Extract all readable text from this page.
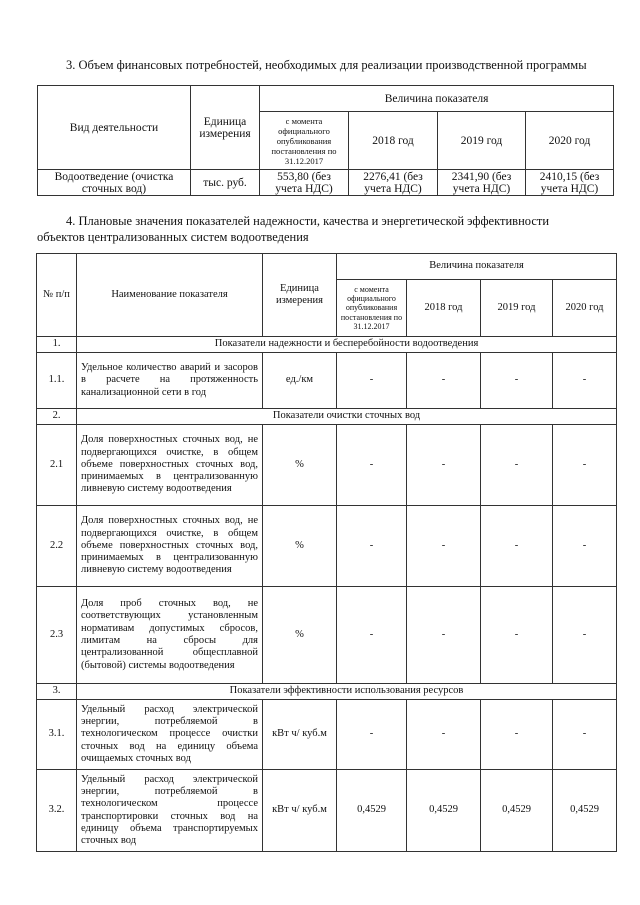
3. Объем финансовых потребностей, необходимых для реализации производственной программы
Вид деятельности	Единица измерения	Величина показателя			
		с момента официального опубликования постановления по 31.12.2017	2018 год	2019 год	2020 год
Водоотведение (очистка сточных вод)	тыс. руб.	553,80 (без учета НДС)	2276,41 (без учета НДС)	2341,90 (без учета НДС)	2410,15 (без учета НДС)
4. Плановые значения показателей надежности, качества и энергетической эффективности
объектов централизованных систем водоотведения
№ п/п	Наименование показателя	Единица измерения	Величина показателя			
			с момента официального опубликования постановления по 31.12.2017	2018 год	2019 год	2020 год
1.	Показатели надежности и бесперебойности водоотведения					
1.1.	Удельное количество аварий и засоров в расчете на протяженность канализационной сети в год	ед./км	-	-	-	-
2.	Показатели очистки сточных вод					
2.1	Доля поверхностных сточных вод, не подвергающихся очистке, в общем объеме поверхностных сточных вод, принимаемых в централизованную ливневую систему водоотведения	%	-	-	-	-
2.2	Доля поверхностных сточных вод, не подвергающихся очистке, в общем объеме поверхностных сточных вод, принимаемых в централизованную ливневую систему водоотведения	%	-	-	-	-
2.3	Доля проб сточных вод, не соответствующих установленным нормативам допустимых сбросов, лимитам на сбросы для централизованной общесплавной (бытовой) системы водоотведения	%	-	-	-	-
3.	Показатели эффективности использования ресурсов					
3.1.	Удельный расход электрической энергии, потребляемой в технологическом процессе очистки сточных вод на единицу объема очищаемых сточных вод	кВт ч/ куб.м	-	-	-	-
3.2.	Удельный расход электрической энергии, потребляемой в технологическом процессе транспортировки сточных вод на единицу объема транспортируемых сточных вод	кВт ч/ куб.м	0,4529	0,4529	0,4529	0,4529
